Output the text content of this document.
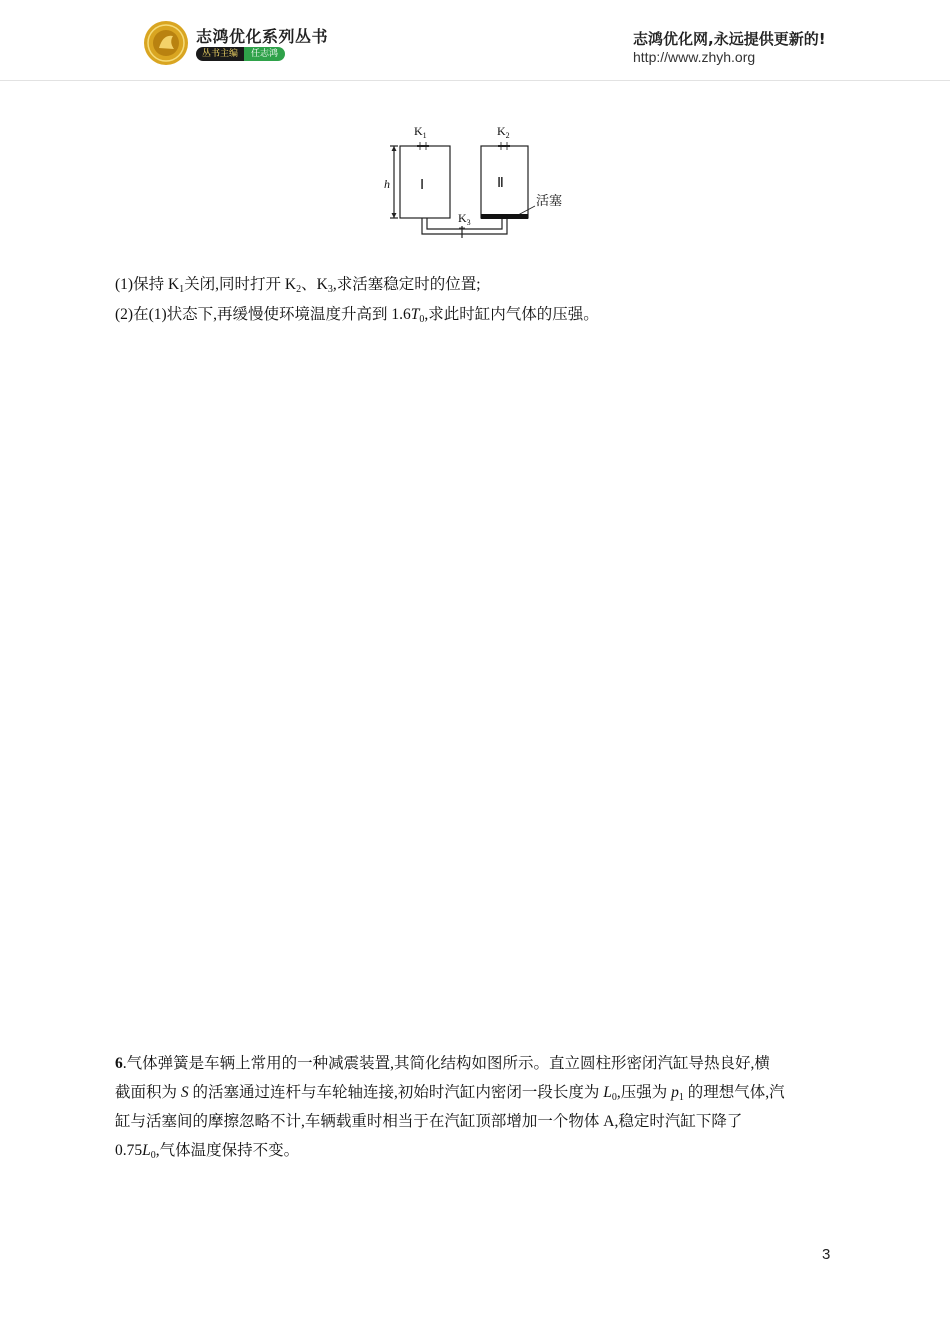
志鸿优化系列丛书
丛书主编	任志鸿
志鸿优化网,永远提供更新的!
http://www.zhyh.org
$K_1$	$K_2$
$K_3$
h Ⅰ	Ⅱ
活塞
(1)保持 $K_1$关闭,同时打开 $K_2$、$K_3$,求活塞稳定时的位置;
(2)在(1)状态下,再缓慢使环境温度升高到 $1.6T_0$,求此时缸内气体的压强。
6.气体弹簧是车辆上常用的一种减震装置,其简化结构如图所示。直立圆柱形密闭汽缸导热良好,横
截面积为 S 的活塞通过连杆与车轮轴连接,初始时汽缸内密闭一段长度为 $L_0$,压强为 $p_1$ 的理想气体,汽
缸与活塞间的摩擦忽略不计,车辆载重时相当于在汽缸顶部增加一个物体 A,稳定时汽缸下降了
$0.75L_0$,气体温度保持不变。
3
